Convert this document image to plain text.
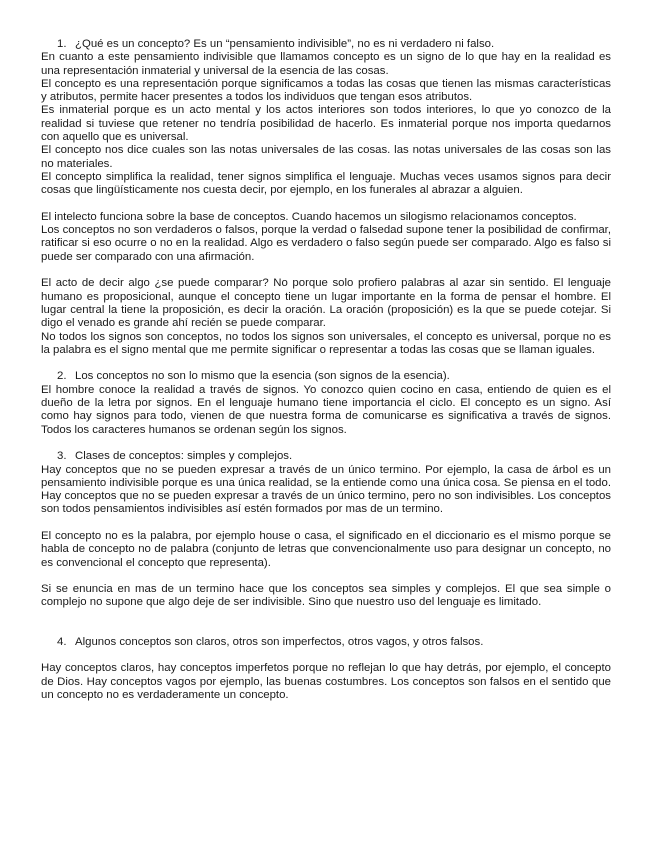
1. ¿Qué es un concepto? Es un “pensamiento indivisible”, no es ni verdadero ni falso.

En cuanto a este pensamiento indivisible que llamamos concepto es un signo de lo que hay en la realidad es una representación inmaterial y universal de la esencia de las cosas.

El concepto es una representación porque significamos a todas las cosas que tienen las mismas características y atributos, permite hacer presentes a todos los individuos que tengan esos atributos.

Es inmaterial porque es un acto mental y los actos interiores son todos interiores, lo que yo conozco de la realidad si tuviese que retener no tendría posibilidad de hacerlo. Es inmaterial porque nos importa quedarnos con aquello que es universal.

El concepto nos dice cuales son las notas universales de las cosas. las notas universales de las cosas son las no materiales.

El concepto simplifica la realidad, tener signos simplifica el lenguaje. Muchas veces usamos signos para decir cosas que lingüísticamente nos cuesta decir, por ejemplo, en los funerales al abrazar a alguien.

El intelecto funciona sobre la base de conceptos. Cuando hacemos un silogismo relacionamos conceptos.

Los conceptos no son verdaderos o falsos, porque la verdad o falsedad supone tener la posibilidad de confirmar, ratificar si eso ocurre o no en la realidad. Algo es verdadero o falso según puede ser comparado. Algo es falso si puede ser comparado con una afirmación.

El acto de decir algo ¿se puede comparar? No porque solo profiero palabras al azar sin sentido. El lenguaje humano es proposicional, aunque el concepto tiene un lugar importante en la forma de pensar el hombre. El lugar central la tiene la proposición, es decir la oración. La oración (proposición) es la que se puede cotejar. Si digo el venado es grande ahí recién se puede comparar.

No todos los signos son conceptos, no todos los signos son universales, el concepto es universal, porque no es la palabra es el signo mental que me permite significar o representar a todas las cosas que se llaman iguales.

2. Los conceptos no son lo mismo que la esencia (son signos de la esencia).

El hombre conoce la realidad a través de signos. Yo conozco quien cocino en casa, entiendo de quien es el dueño de la letra por signos. En el lenguaje humano tiene importancia el ciclo. El concepto es un signo. Así como hay signos para todo, vienen de que nuestra forma de comunicarse es significativa a través de signos. Todos los caracteres humanos se ordenan según los signos.

3. Clases de conceptos: simples y complejos.

Hay conceptos que no se pueden expresar a través de un único termino. Por ejemplo, la casa de árbol es un pensamiento indivisible porque es una única realidad, se la entiende como una única cosa. Se piensa en el todo. Hay conceptos que no se pueden expresar a través de un único termino, pero no son indivisibles. Los conceptos son todos pensamientos indivisibles así estén formados por mas de un termino.

El concepto no es la palabra, por ejemplo house o casa, el significado en el diccionario es el mismo porque se habla de concepto no de palabra (conjunto de letras que convencionalmente uso para designar un concepto, no es convencional el concepto que representa).

Si se enuncia en mas de un termino hace que los conceptos sea simples y complejos. El que sea simple o complejo no supone que algo deje de ser indivisible. Sino que nuestro uso del lenguaje es limitado.

4. Algunos conceptos son claros, otros son imperfectos, otros vagos, y otros falsos.

Hay conceptos claros, hay conceptos imperfetos porque no reflejan lo que hay detrás, por ejemplo, el concepto de Dios. Hay conceptos vagos por ejemplo, las buenas costumbres. Los conceptos son falsos en el sentido que un concepto no es verdaderamente un concepto.
